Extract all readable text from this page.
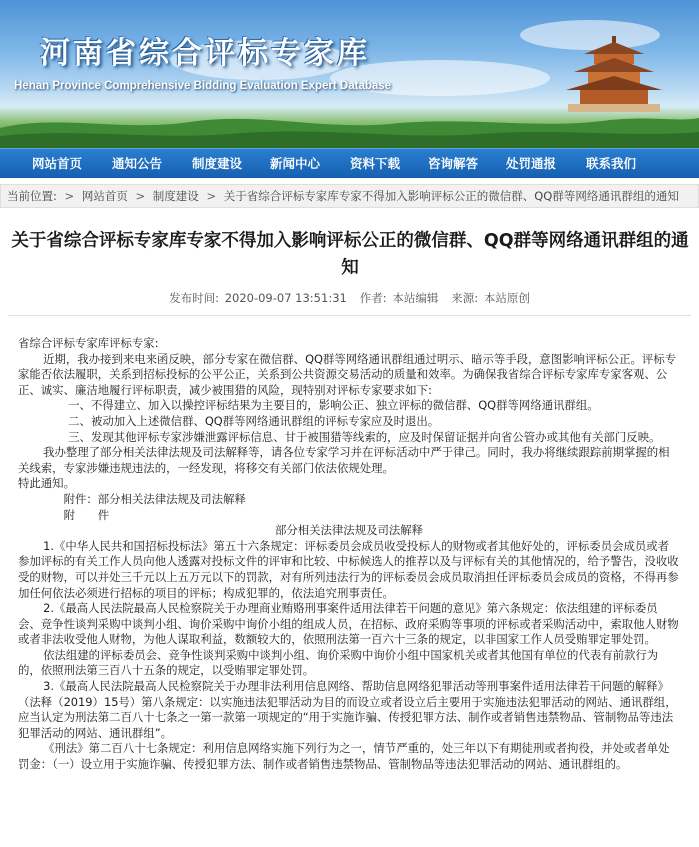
河南省综合评标专家库
Henan Province Comprehensive Bidding Evaluation Expert Database
网站首页	通知公告	制度建设	新闻中心	资料下载	咨询解答	处罚通报	联系我们
当前位置: > 网站首页 > 制度建设 > 关于省综合评标专家库专家不得加入影响评标公正的微信群、QQ群等网络通讯群组的通知
关于省综合评标专家库专家不得加入影响评标公正的微信群、QQ群等网络通讯群组的通知
发布时间: 2020-09-07 13:51:31 作者: 本站编辑 来源: 本站原创

省综合评标专家库评标专家:

近期，我办接到来电来函反映，部分专家在微信群、QQ群等网络通讯群组通过明示、暗示等手段，意图影响评标公正。评标专家能否依法履职，关系到招标投标的公平公正，关系到公共资源交易活动的质量和效率。为确保我省综合评标专家库专家客观、公正、诚实、廉洁地履行评标职责，减少被围猎的风险，现特别对评标专家要求如下:

一、不得建立、加入以操控评标结果为主要目的，影响公正、独立评标的微信群、QQ群等网络通讯群组。

二、被动加入上述微信群、QQ群等网络通讯群组的评标专家应及时退出。

三、发现其他评标专家涉嫌泄露评标信息、甘于被围猎等线索的，应及时保留证据并向省公管办或其他有关部门反映。

我办整理了部分相关法律法规及司法解释等，请各位专家学习并在评标活动中严于律己。同时，我办将继续跟踪前期掌握的相关线索，专家涉嫌违规违法的，一经发现，将移交有关部门依法依规处理。

特此通知。

附件：部分相关法律法规及司法解释

附　　件

部分相关法律法规及司法解释

1.《中华人民共和国招标投标法》第五十六条规定：评标委员会成员收受投标人的财物或者其他好处的，评标委员会成员或者参加评标的有关工作人员向他人透露对投标文件的评审和比较、中标候选人的推荐以及与评标有关的其他情况的，给予警告，没收收受的财物，可以并处三千元以上五万元以下的罚款，对有所列违法行为的评标委员会成员取消担任评标委员会成员的资格，不得再参加任何依法必须进行招标的项目的评标；构成犯罪的，依法追究刑事责任。

2.《最高人民法院最高人民检察院关于办理商业贿赂刑事案件适用法律若干问题的意见》第六条规定：依法组建的评标委员会、竞争性谈判采购中谈判小组、询价采购中询价小组的组成人员，在招标、政府采购等事项的评标或者采购活动中，索取他人财物或者非法收受他人财物，为他人谋取利益，数额较大的，依照刑法第一百六十三条的规定，以非国家工作人员受贿罪定罪处罚。

依法组建的评标委员会、竞争性谈判采购中谈判小组、询价采购中询价小组中国家机关或者其他国有单位的代表有前款行为的，依照刑法第三百八十五条的规定，以受贿罪定罪处罚。

3.《最高人民法院最高人民检察院关于办理非法利用信息网络、帮助信息网络犯罪活动等刑事案件适用法律若干问题的解释》（法释（2019）15号）第八条规定：以实施违法犯罪活动为目的而设立或者设立后主要用于实施违法犯罪活动的网站、通讯群组，应当认定为刑法第二百八十七条之一第一款第一项规定的“用于实施诈骗、传授犯罪方法、制作或者销售违禁物品、管制物品等违法犯罪活动的网站、通讯群组”。

《刑法》第二百八十七条规定：利用信息网络实施下列行为之一，情节严重的，处三年以下有期徒刑或者拘役，并处或者单处罚金：（一）设立用于实施诈骗、传授犯罪方法、制作或者销售违禁物品、管制物品等违法犯罪活动的网站、通讯群组的。
